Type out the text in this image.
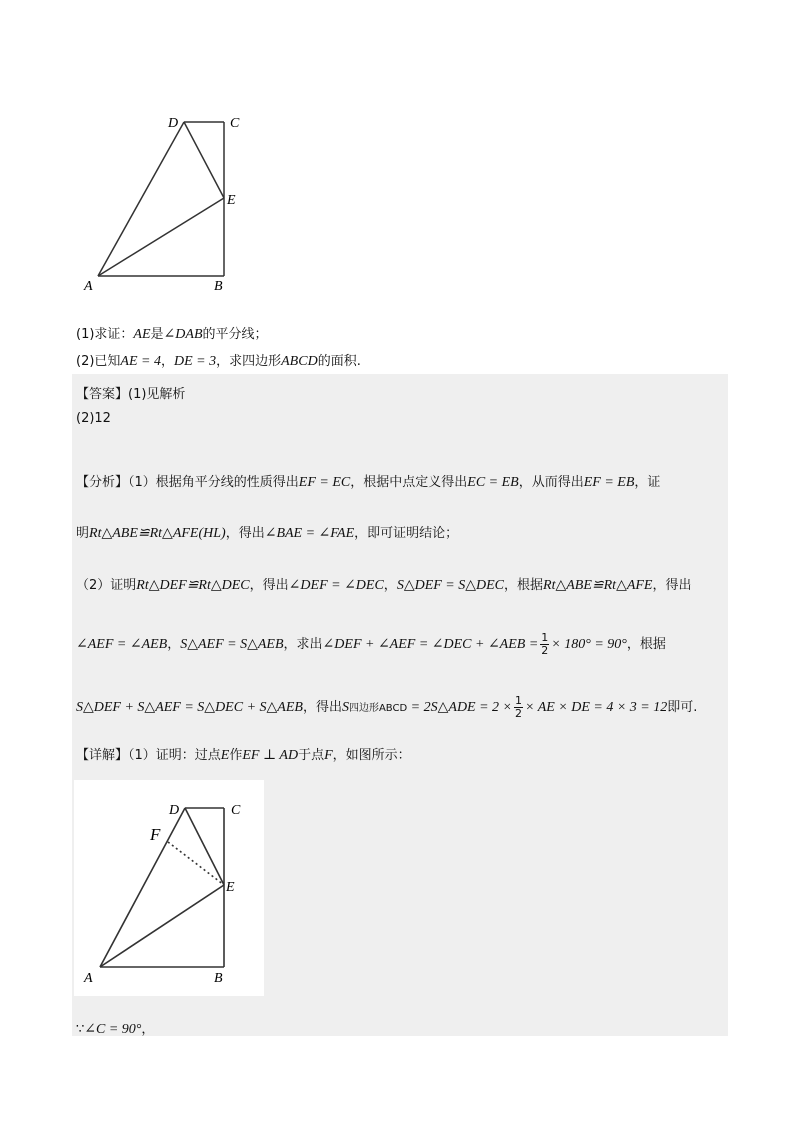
D	C
E
A	B
(1)求证：AE是∠DAB的平分线；
(2)已知AE = 4，DE = 3，求四边形ABCD的面积.
【答案】(1)见解析
(2)12
【分析】（1）根据角平分线的性质得出EF = EC，根据中点定义得出EC = EB，从而得出EF = EB，证
明Rt△ABE≌Rt△AFE(HL)，得出∠BAE = ∠FAE，即可证明结论；
（2）证明Rt△DEF≌Rt△DEC，得出∠DEF = ∠DEC，S△DEF = S△DEC，根据Rt△ABE≌Rt△AFE，得出
∠AEF = ∠AEB，S△AEF = S△AEB，求出∠DEF + ∠AEF = ∠DEC + ∠AEB = $\frac{1}{2} \times 180^\circ = 90^\circ$，根据
S△DEF + S△AEF = S△DEC + S△AEB，得出S四边形ABCD = 2S△ADE = $2 \times \frac{1}{2}$ × AE × DE = 4 × 3 = 12即可.
【详解】（1）证明：过点E作EF ⊥ AD于点F，如图所示：
D	C
F
E
A	B
∵∠C = 90°，
